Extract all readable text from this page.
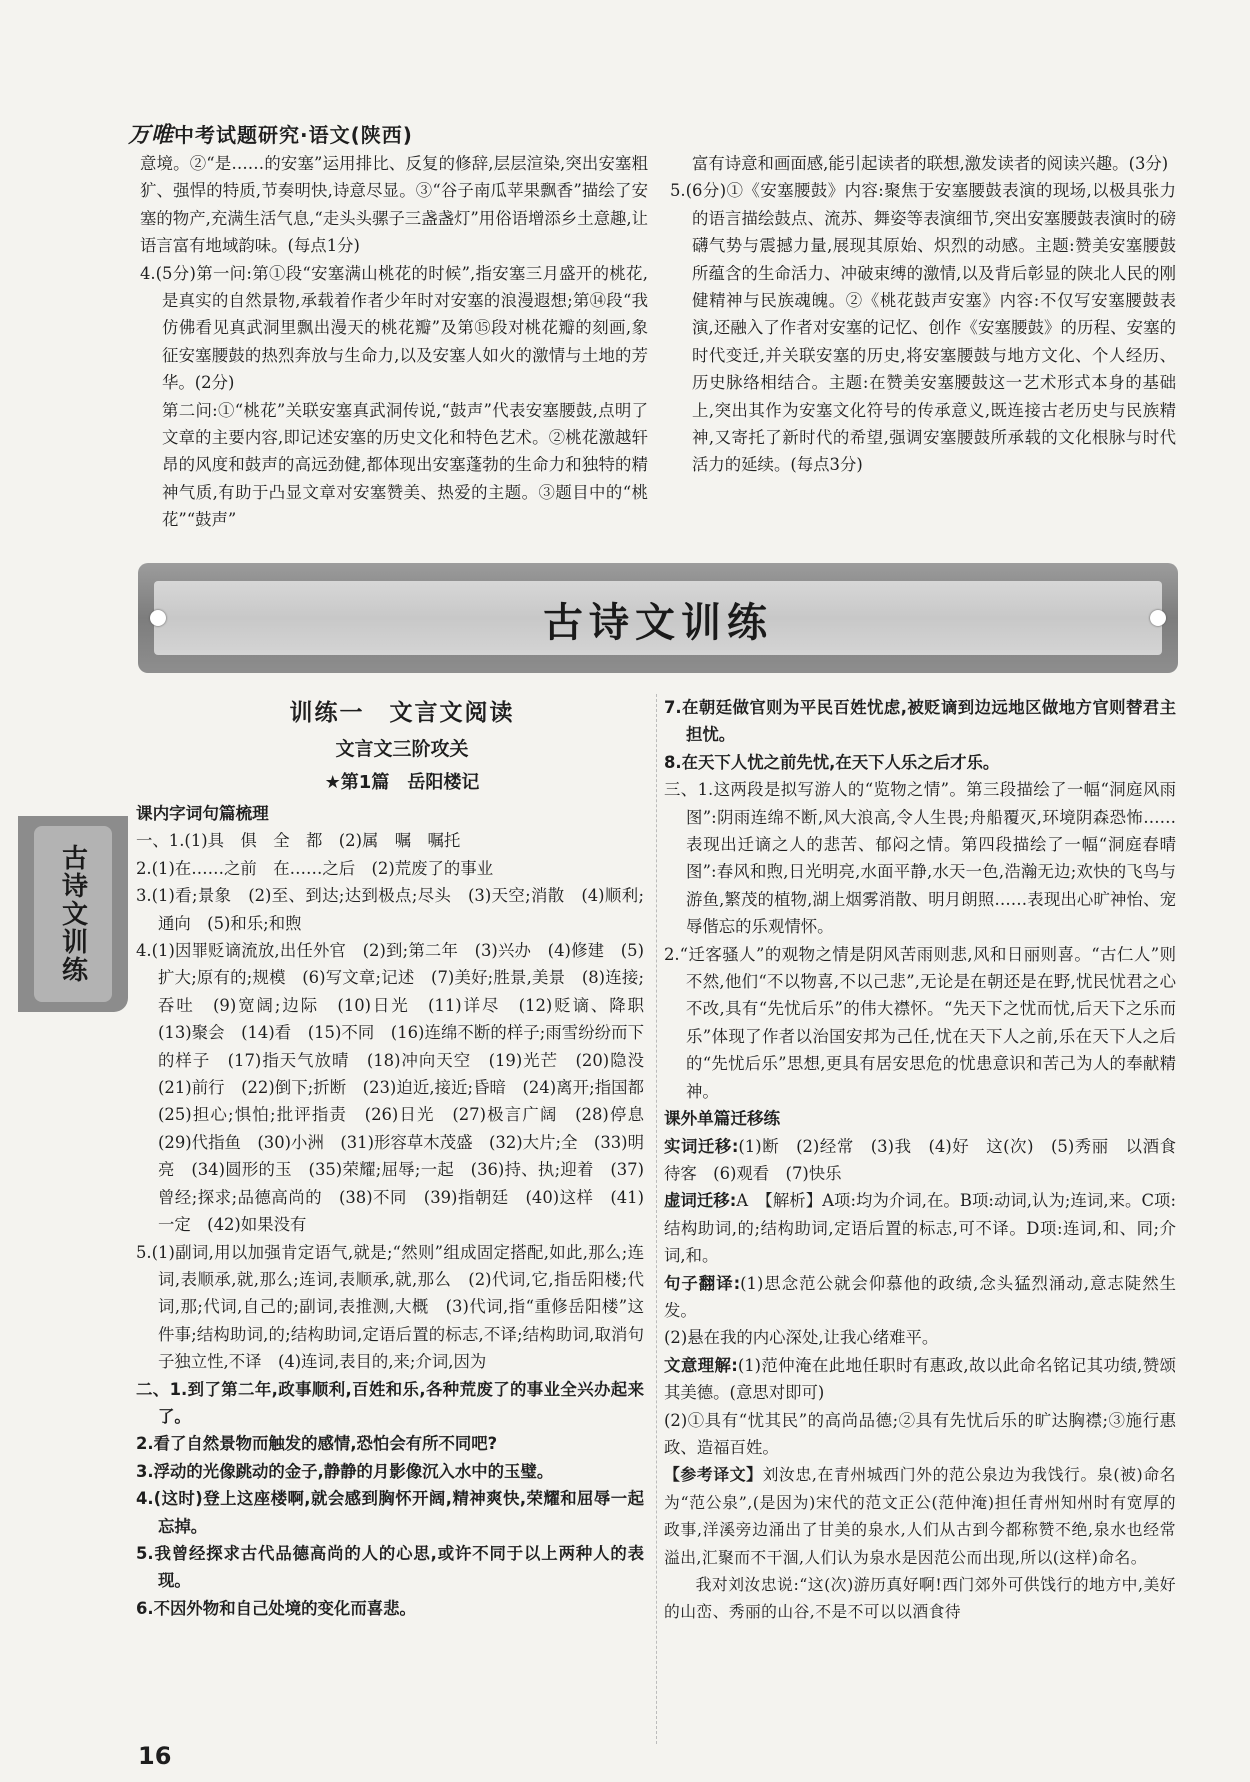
万唯中考试题研究·语文(陕西)

意境。②“是……的安塞”运用排比、反复的修辞,层层渲染,突出安塞粗犷、强悍的特质,节奏明快,诗意尽显。③“谷子南瓜苹果飘香”描绘了安塞的物产,充满生活气息,“走头头骡子三盏盏灯”用俗语增添乡土意趣,让语言富有地域韵味。(每点1分)

4.(5分)第一问:第①段“安塞满山桃花的时候”,指安塞三月盛开的桃花,是真实的自然景物,承载着作者少年时对安塞的浪漫遐想;第⑭段“我仿佛看见真武洞里飘出漫天的桃花瓣”及第⑮段对桃花瓣的刻画,象征安塞腰鼓的热烈奔放与生命力,以及安塞人如火的激情与土地的芳华。(2分)

第二问:①“桃花”关联安塞真武洞传说,“鼓声”代表安塞腰鼓,点明了文章的主要内容,即记述安塞的历史文化和特色艺术。②桃花激越轩昂的风度和鼓声的高远劲健,都体现出安塞蓬勃的生命力和独特的精神气质,有助于凸显文章对安塞赞美、热爱的主题。③题目中的“桃花”“鼓声”

富有诗意和画面感,能引起读者的联想,激发读者的阅读兴趣。(3分)

5.(6分)①《安塞腰鼓》内容:聚焦于安塞腰鼓表演的现场,以极具张力的语言描绘鼓点、流苏、舞姿等表演细节,突出安塞腰鼓表演时的磅礴气势与震撼力量,展现其原始、炽烈的动感。主题:赞美安塞腰鼓所蕴含的生命活力、冲破束缚的激情,以及背后彰显的陕北人民的刚健精神与民族魂魄。②《桃花鼓声安塞》内容:不仅写安塞腰鼓表演,还融入了作者对安塞的记忆、创作《安塞腰鼓》的历程、安塞的时代变迁,并关联安塞的历史,将安塞腰鼓与地方文化、个人经历、历史脉络相结合。主题:在赞美安塞腰鼓这一艺术形式本身的基础上,突出其作为安塞文化符号的传承意义,既连接古老历史与民族精神,又寄托了新时代的希望,强调安塞腰鼓所承载的文化根脉与时代活力的延续。(每点3分)

古诗文训练
古诗文训练
训练一　文言文阅读
文言文三阶攻关
★第1篇　岳阳楼记
课内字词句篇梳理

一、1.(1)具　俱　全　都　(2)属　嘱　嘱托

2.(1)在……之前　在……之后　(2)荒废了的事业

3.(1)看;景象　(2)至、到达;达到极点;尽头　(3)天空;消散　(4)顺利;通向　(5)和乐;和煦

4.(1)因罪贬谪流放,出任外官　(2)到;第二年　(3)兴办　(4)修建　(5)扩大;原有的;规模　(6)写文章;记述　(7)美好;胜景,美景　(8)连接;吞吐　(9)宽阔;边际　(10)日光　(11)详尽　(12)贬谪、降职　(13)聚会　(14)看　(15)不同　(16)连绵不断的样子;雨雪纷纷而下的样子　(17)指天气放晴　(18)冲向天空　(19)光芒　(20)隐没　(21)前行　(22)倒下;折断　(23)迫近,接近;昏暗　(24)离开;指国都　(25)担心;惧怕;批评指责　(26)日光　(27)极言广阔　(28)停息　(29)代指鱼　(30)小洲　(31)形容草木茂盛　(32)大片;全　(33)明亮　(34)圆形的玉　(35)荣耀;屈辱;一起　(36)持、执;迎着　(37)曾经;探求;品德高尚的　(38)不同　(39)指朝廷　(40)这样　(41)一定　(42)如果没有

5.(1)副词,用以加强肯定语气,就是;“然则”组成固定搭配,如此,那么;连词,表顺承,就,那么;连词,表顺承,就,那么　(2)代词,它,指岳阳楼;代词,那;代词,自己的;副词,表推测,大概　(3)代词,指“重修岳阳楼”这件事;结构助词,的;结构助词,定语后置的标志,不译;结构助词,取消句子独立性,不译　(4)连词,表目的,来;介词,因为

二、1.到了第二年,政事顺利,百姓和乐,各种荒废了的事业全兴办起来了。

2.看了自然景物而触发的感情,恐怕会有所不同吧?

3.浮动的光像跳动的金子,静静的月影像沉入水中的玉璧。

4.(这时)登上这座楼啊,就会感到胸怀开阔,精神爽快,荣耀和屈辱一起忘掉。

5.我曾经探求古代品德高尚的人的心思,或许不同于以上两种人的表现。

6.不因外物和自己处境的变化而喜悲。

7.在朝廷做官则为平民百姓忧虑,被贬谪到边远地区做地方官则替君主担忧。

8.在天下人忧之前先忧,在天下人乐之后才乐。

三、1.这两段是拟写游人的“览物之情”。第三段描绘了一幅“洞庭风雨图”:阴雨连绵不断,风大浪高,令人生畏;舟船覆灭,环境阴森恐怖……表现出迁谪之人的悲苦、郁闷之情。第四段描绘了一幅“洞庭春晴图”:春风和煦,日光明亮,水面平静,水天一色,浩瀚无边;欢快的飞鸟与游鱼,繁茂的植物,湖上烟雾消散、明月朗照……表现出心旷神怡、宠辱偕忘的乐观情怀。

2.“迁客骚人”的观物之情是阴风苦雨则悲,风和日丽则喜。“古仁人”则不然,他们“不以物喜,不以己悲”,无论是在朝还是在野,忧民忧君之心不改,具有“先忧后乐”的伟大襟怀。“先天下之忧而忧,后天下之乐而乐”体现了作者以治国安邦为己任,忧在天下人之前,乐在天下人之后的“先忧后乐”思想,更具有居安思危的忧患意识和苦己为人的奉献精神。

课外单篇迁移练

实词迁移:(1)断　(2)经常　(3)我　(4)好　这(次)　(5)秀丽　以酒食待客　(6)观看　(7)快乐

虚词迁移:A　【解析】A项:均为介词,在。B项:动词,认为;连词,来。C项:结构助词,的;结构助词,定语后置的标志,可不译。D项:连词,和、同;介词,和。

句子翻译:(1)思念范公就会仰慕他的政绩,念头猛烈涌动,意志陡然生发。

(2)悬在我的内心深处,让我心绪难平。

文意理解:(1)范仲淹在此地任职时有惠政,故以此命名铭记其功绩,赞颂其美德。(意思对即可)

(2)①具有“忧其民”的高尚品德;②具有先忧后乐的旷达胸襟;③施行惠政、造福百姓。

【参考译文】刘汝忠,在青州城西门外的范公泉边为我饯行。泉(被)命名为“范公泉”,(是因为)宋代的范文正公(范仲淹)担任青州知州时有宽厚的政事,洋溪旁边涌出了甘美的泉水,人们从古到今都称赞不绝,泉水也经常溢出,汇聚而不干涸,人们认为泉水是因范公而出现,所以(这样)命名。

我对刘汝忠说:“这(次)游历真好啊!西门郊外可供饯行的地方中,美好的山峦、秀丽的山谷,不是不可以以酒食待

16
